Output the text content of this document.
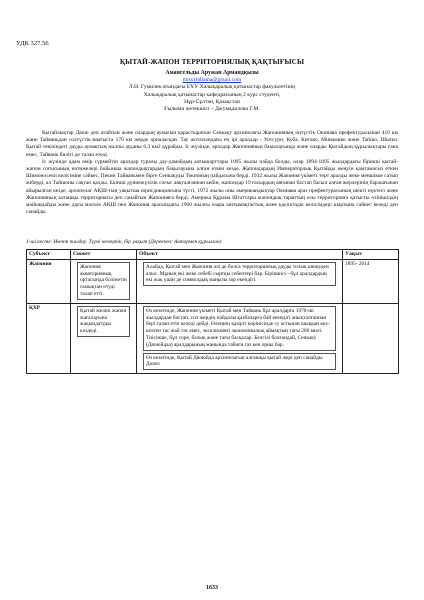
УДК 327.56
ҚЫТАЙ-ЖАПОН ТЕРРИТОРИЯЛЫҚ ҚАҚТЫҒЫСЫ
Амангельды Аружан Армандқызы
miss16dlama@gmail.com
Л.Н. Гумилев атындағы ЕҰУ Халықаралық қатынастар факультетінің
Халықаралық қатынастар кафедрасының 2 курс студенті,
Нұр-Сұлтан, Қазақстан
Ғылыми жетекшісі – Джумадилова Г.М.

Қытайлықтар Дяою деп атайтын және олардың аумағын қарастыратын Сенкаку архипелагы Жапонияның оңтүстік Окинава префектурасынан 410 км және Тайваньдан солтүстік-шығыста 170 км жерде орналасқан. Тау жотасындағы ең ірі аралдар - Уотсури, Куба, Китако, Минамико және Тайшо. Шығыс Қытай теңізіндегі дауды аумақтың жалпы ауданы 6,3 км2 құрайды. Іс жүзінде, аралдар Жапонияның бақылауында және оларды Қытайдың құрылықтары ғана емес, Тайвань билігі де талап етеді.

Іс жүзінде адам өмір сүрмейтін аралдар туралы дау-дамайдың алғышарттары 1895 жылы пайда болды, олар 1894-1895 жылдардағы бірінші қытай-жапон соғысының нәтижелері бойынша жапондықтардың бақылауына алған еткен кезде. Жапондардың Императорлық Қытайды жеңуін қамтамасыз еткен Шимоносеки келісіміне сәйкес, Пекин Тайваньмен бірге Сенкакуды Токионың пайдасына берді. 1932 жылы Жапония үкіметі төрт аралды жеке меншікке сатып жіберді, ал Тайшоны сақтап қалды. Екінші дүниежүзілік соғыс аяқталғаннан кейін, жапондар 19 ғасырдың аяғынан бастап басып алған жерлерінің барлығынан айырылған кезде, архипелаг АҚШ-тың уақытша юрисдикциясына түсті, 1972 жылы оны американдықтар Окинава араз префектурасының шекті нүктесі және Жапонияның алғашқы территориясы деп санайтын Жапонияға берді. Америка Құрама Штаттары жапондық тараптың осы территорияға қатысты өтінішілдің мойындайды және дауы мәселе АҚШ пен Жапония арасындағы 1960 жылғы өзара ынтымақтастық және қауіпсіздік келісімдері шартына сәйкес келеді деп санайды.

1-ші кесте. Ивент талдау. Түрлі кезеңтік, бір уақыт (Дереккөз: Автормен құрылған)
Субъект	Сюжет	Объект	Уақыт
Жапония	Жапония акваториянық ортасында болінетін сызықтан өтуді талап етті.	Алайда, Қытай мен Жапония әлі де болса территориялық дауды толық шешуден алыс. Мұның екі жеке себебі сыртқы себептері бар. Біріншісі - бұл аралдардың екі жақ үшін де символдық маңызы зор екендігі.	1895- 2014
ҚХР	Қытай желіні жапон жағалауына жақындатуды көздеді.	Өз кезегінде, Жапония үкіметі Қытай мен Тайвань бұл аралдарға 1970-ші жылдардан бастап, сол жердің пайдалы қазбаларға бай екендігі анықталғаннан бері талап етіп келеді дейді. Өлеңнің қазіргі көрінісінде су астынан шыққан кез-келген тас жай тас емес, эксклюзивті экономикалық аймақтың тағы 200 милі. Тиісінше, бұл соре, балық және тағы басқалар. Белгілі болғандай, Сенкаку (Дяоюйдаа) аралдарының жанында табиғи газ кен орны бар.
Өз кезегінде, Қытай Дяоюйда архипелагын алғашқы қытай жері деп санайды. Дәлел	

1633
